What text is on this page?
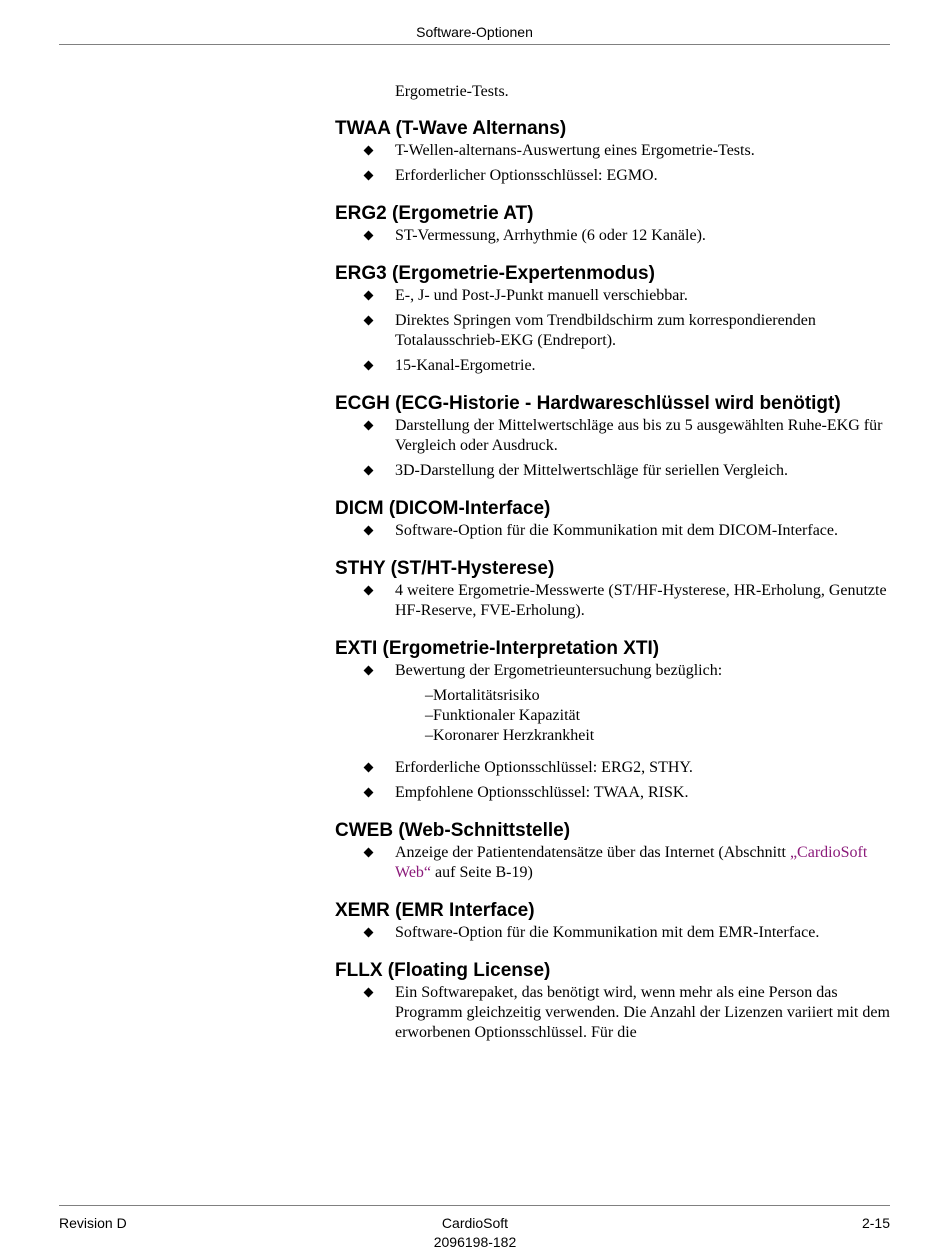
Software-Optionen

Ergometrie-Tests.

TWAA (T-Wave Alternans)
T-Wellen-alternans-Auswertung eines Ergometrie-Tests.
Erforderlicher Optionsschlüssel: EGMO.
ERG2 (Ergometrie AT)
ST-Vermessung, Arrhythmie (6 oder 12 Kanäle).
ERG3 (Ergometrie-Expertenmodus)
E-, J- und Post-J-Punkt manuell verschiebbar.
Direktes Springen vom Trendbildschirm zum korrespondierenden Totalausschrieb-EKG (Endreport).
15-Kanal-Ergometrie.
ECGH (ECG-Historie - Hardwareschlüssel wird benötigt)
Darstellung der Mittelwertschläge aus bis zu 5 ausgewählten Ruhe-EKG für Vergleich oder Ausdruck.
3D-Darstellung der Mittelwertschläge für seriellen Vergleich.
DICM (DICOM-Interface)
Software-Option für die Kommunikation mit dem DICOM-Interface.
STHY (ST/HT-Hysterese)
4 weitere Ergometrie-Messwerte (ST/HF-Hysterese, HR-Erholung, Genutzte HF-Reserve, FVE-Erholung).
EXTI (Ergometrie-Interpretation XTI)
Bewertung der Ergometrieuntersuchung bezüglich:
–Mortalitätsrisiko
–Funktionaler Kapazität
–Koronarer Herzkrankheit
Erforderliche Optionsschlüssel: ERG2, STHY.
Empfohlene Optionsschlüssel: TWAA, RISK.
CWEB (Web-Schnittstelle)
Anzeige der Patientendatensätze über das Internet (Abschnitt „CardioSoft Web“ auf Seite B-19)
XEMR (EMR Interface)
Software-Option für die Kommunikation mit dem EMR-Interface.
FLLX (Floating License)
Ein Softwarepaket, das benötigt wird, wenn mehr als eine Person das Programm gleichzeitig verwenden. Die Anzahl der Lizenzen variiert mit dem erworbenen Optionsschlüssel. Für die
Revision D	CardioSoft
2096198-182
2-15
